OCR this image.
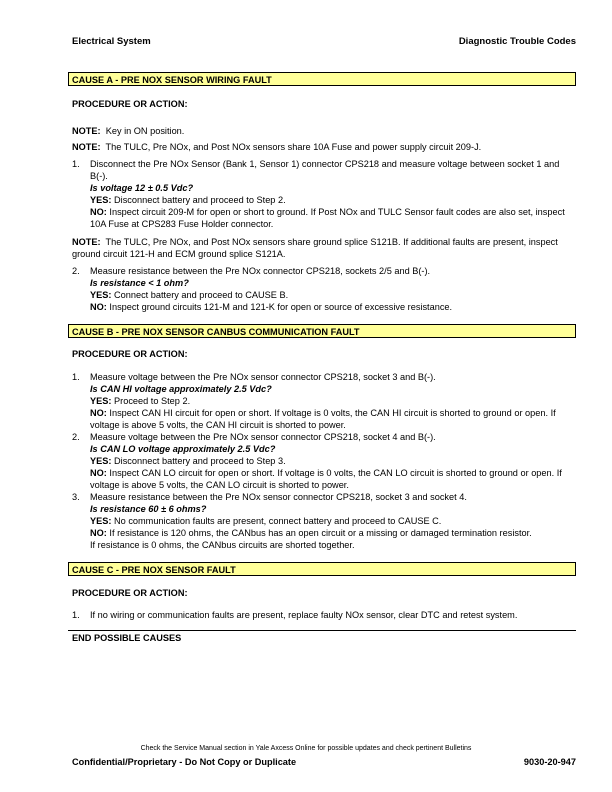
Electrical System	Diagnostic Trouble Codes
CAUSE A - PRE NOX SENSOR WIRING FAULT
PROCEDURE OR ACTION:
NOTE: Key in ON position.
NOTE: The TULC, Pre NOx, and Post NOx sensors share 10A Fuse and power supply circuit 209-J.
1. Disconnect the Pre NOx Sensor (Bank 1, Sensor 1) connector CPS218 and measure voltage between socket 1 and B(-).
Is voltage 12 ± 0.5 Vdc?
YES: Disconnect battery and proceed to Step 2.
NO: Inspect circuit 209-M for open or short to ground. If Post NOx and TULC Sensor fault codes are also set, inspect 10A Fuse at CPS283 Fuse Holder connector.
NOTE: The TULC, Pre NOx, and Post NOx sensors share ground splice S121B. If additional faults are present, inspect ground circuit 121-H and ECM ground splice S121A.
2. Measure resistance between the Pre NOx connector CPS218, sockets 2/5 and B(-).
Is resistance < 1 ohm?
YES: Connect battery and proceed to CAUSE B.
NO: Inspect ground circuits 121-M and 121-K for open or source of excessive resistance.
CAUSE B - PRE NOX SENSOR CANBUS COMMUNICATION FAULT
PROCEDURE OR ACTION:
1. Measure voltage between the Pre NOx sensor connector CPS218, socket 3 and B(-).
Is CAN HI voltage approximately 2.5 Vdc?
YES: Proceed to Step 2.
NO: Inspect CAN HI circuit for open or short. If voltage is 0 volts, the CAN HI circuit is shorted to ground or open. If voltage is above 5 volts, the CAN HI circuit is shorted to power.
2. Measure voltage between the Pre NOx sensor connector CPS218, socket 4 and B(-).
Is CAN LO voltage approximately 2.5 Vdc?
YES: Disconnect battery and proceed to Step 3.
NO: Inspect CAN LO circuit for open or short. If voltage is 0 volts, the CAN LO circuit is shorted to ground or open. If voltage is above 5 volts, the CAN LO circuit is shorted to power.
3. Measure resistance between the Pre NOx sensor connector CPS218, socket 3 and socket 4.
Is resistance 60 ± 6 ohms?
YES: No communication faults are present, connect battery and proceed to CAUSE C.
NO: If resistance is 120 ohms, the CANbus has an open circuit or a missing or damaged termination resistor.
If resistance is 0 ohms, the CANbus circuits are shorted together.
CAUSE C - PRE NOX SENSOR FAULT
PROCEDURE OR ACTION:
1. If no wiring or communication faults are present, replace faulty NOx sensor, clear DTC and retest system.
END POSSIBLE CAUSES
Check the Service Manual section in Yale Axcess Online for possible updates and check pertinent Bulletins
Confidential/Proprietary - Do Not Copy or Duplicate	9030-20-947
